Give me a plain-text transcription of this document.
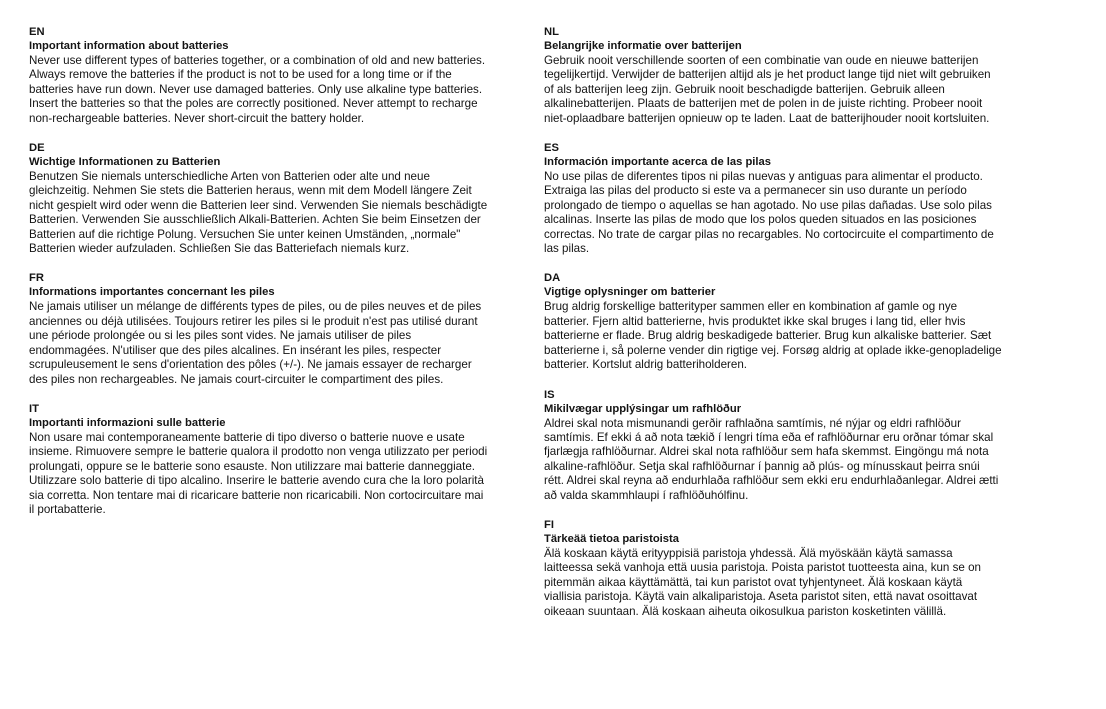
EN

Important information about batteries

Never use different types of batteries together, or a combination of old and new batteries. Always remove the batteries if the product is not to be used for a long time or if the batteries have run down. Never use damaged batteries. Only use alkaline type batteries. Insert the batteries so that the poles are correctly positioned. Never attempt to recharge non-rechargeable batteries. Never short-circuit the battery holder.

DE

Wichtige Informationen zu Batterien

Benutzen Sie niemals unterschiedliche Arten von Batterien oder alte und neue gleichzeitig. Nehmen Sie stets die Batterien heraus, wenn mit dem Modell längere Zeit nicht gespielt wird oder wenn die Batterien leer sind. Verwenden Sie niemals beschädigte Batterien. Verwenden Sie ausschließlich Alkali-Batterien. Achten Sie beim Einsetzen der Batterien auf die richtige Polung. Versuchen Sie unter keinen Umständen, „normale" Batterien wieder aufzuladen. Schließen Sie das Batteriefach niemals kurz.

FR

Informations importantes concernant les piles

Ne jamais utiliser un mélange de différents types de piles, ou de piles neuves et de piles anciennes ou déjà utilisées. Toujours retirer les piles si le produit n'est pas utilisé durant une période prolongée ou si les piles sont vides. Ne jamais utiliser de piles endommagées. N'utiliser que des piles alcalines. En insérant les piles, respecter scrupuleusement le sens d'orientation des pôles (+/-). Ne jamais essayer de recharger des piles non rechargeables. Ne jamais court-circuiter le compartiment des piles.

IT

Importanti informazioni sulle batterie

Non usare mai contemporaneamente batterie di tipo diverso o batterie nuove e usate insieme. Rimuovere sempre le batterie qualora il prodotto non venga utilizzato per periodi prolungati, oppure se le batterie sono esauste. Non utilizzare mai batterie danneggiate. Utilizzare solo batterie di tipo alcalino. Inserire le batterie avendo cura che la loro polarità sia corretta. Non tentare mai di ricaricare batterie non ricaricabili. Non cortocircuitare mai il portabatterie.

NL

Belangrijke informatie over batterijen

Gebruik nooit verschillende soorten of een combinatie van oude en nieuwe batterijen tegelijkertijd. Verwijder de batterijen altijd als je het product lange tijd niet wilt gebruiken of als batterijen leeg zijn. Gebruik nooit beschadigde batterijen. Gebruik alleen alkalinebatterijen. Plaats de batterijen met de polen in de juiste richting. Probeer nooit niet-oplaadbare batterijen opnieuw op te laden. Laat de batterijhouder nooit kortsluiten.

ES

Información importante acerca de las pilas

No use pilas de diferentes tipos ni pilas nuevas y antiguas para alimentar el producto. Extraiga las pilas del producto si este va a permanecer sin uso durante un período prolongado de tiempo o aquellas se han agotado. No use pilas dañadas. Use solo pilas alcalinas. Inserte las pilas de modo que los polos queden situados en las posiciones correctas. No trate de cargar pilas no recargables. No cortocircuite el compartimento de las pilas.

DA

Vigtige oplysninger om batterier

Brug aldrig forskellige batterityper sammen eller en kombination af gamle og nye batterier. Fjern altid batterierne, hvis produktet ikke skal bruges i lang tid, eller hvis batterierne er flade. Brug aldrig beskadigede batterier. Brug kun alkaliske batterier. Sæt batterierne i, så polerne vender din rigtige vej. Forsøg aldrig at oplade ikke-genopladelige batterier. Kortslut aldrig batteriholderen.

IS

Mikilvægar upplýsingar um rafhlöður

Aldrei skal nota mismunandi gerðir rafhlaðna samtímis, né nýjar og eldri rafhlöður samtímis. Ef ekki á að nota tækið í lengri tíma eða ef rafhlöðurnar eru orðnar tómar skal fjarlægja rafhlöðurnar. Aldrei skal nota rafhlöður sem hafa skemmst. Eingöngu má nota alkaline-rafhlöður. Setja skal rafhlöðurnar í þannig að plús- og mínusskaut þeirra snúi rétt. Aldrei skal reyna að endurhlaða rafhlöður sem ekki eru endurhlaðanlegar. Aldrei ætti að valda skammhlaupi í rafhlöðuhólfinu.

FI

Tärkeää tietoa paristoista

Älä koskaan käytä erityyppisiä paristoja yhdessä. Älä myöskään käytä samassa laitteessa sekä vanhoja että uusia paristoja. Poista paristot tuotteesta aina, kun se on pitemmän aikaa käyttämättä, tai kun paristot ovat tyhjentyneet. Älä koskaan käytä viallisia paristoja. Käytä vain alkaliparistoja. Aseta paristot siten, että navat osoittavat oikeaan suuntaan. Älä koskaan aiheuta oikosulkua pariston kosketinten välillä.
